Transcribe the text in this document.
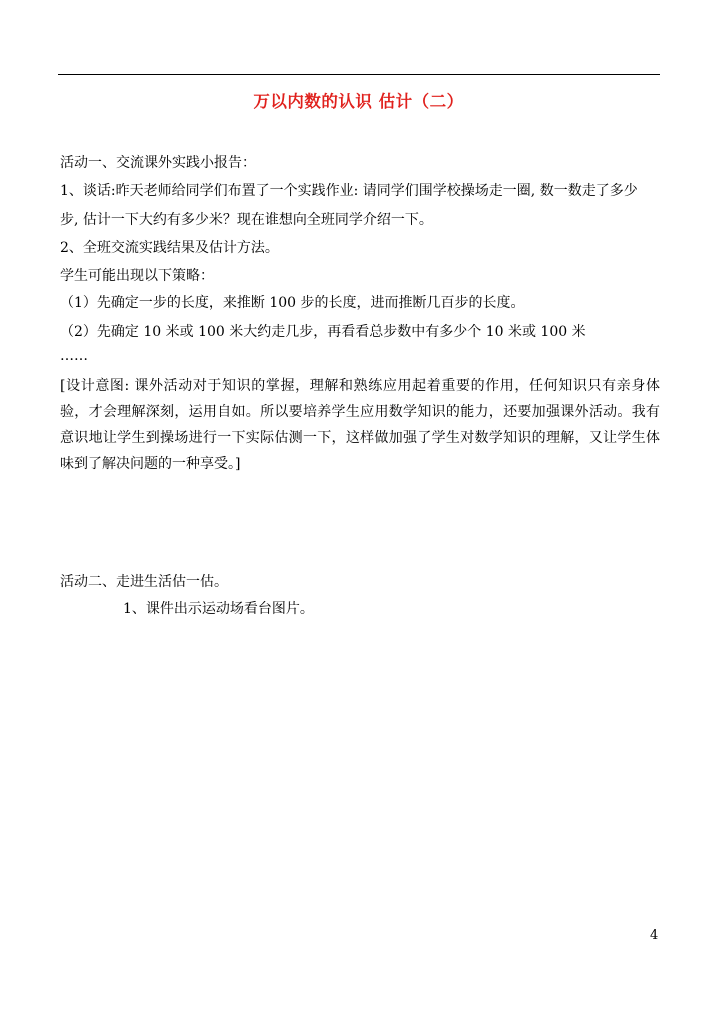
万以内数的认识 估计（二）
活动一、交流课外实践小报告：
1、谈话:昨天老师给同学们布置了一个实践作业: 请同学们围学校操场走一圈, 数一数走了多少
步, 估计一下大约有多少米？现在谁想向全班同学介绍一下。
2、全班交流实践结果及估计方法。
学生可能出现以下策略：
（1）先确定一步的长度，来推断 100 步的长度，进而推断几百步的长度。
（2）先确定 10 米或 100 米大约走几步，再看看总步数中有多少个 10 米或 100 米
……
[设计意图: 课外活动对于知识的掌握，理解和熟练应用起着重要的作用，任何知识只有亲身体验，才会理解深刻，运用自如。所以要培养学生应用数学知识的能力，还要加强课外活动。我有意识地让学生到操场进行一下实际估测一下，这样做加强了学生对数学知识的理解，又让学生体味到了解决问题的一种享受。]
活动二、走进生活估一估。
1、课件出示运动场看台图片。
4
